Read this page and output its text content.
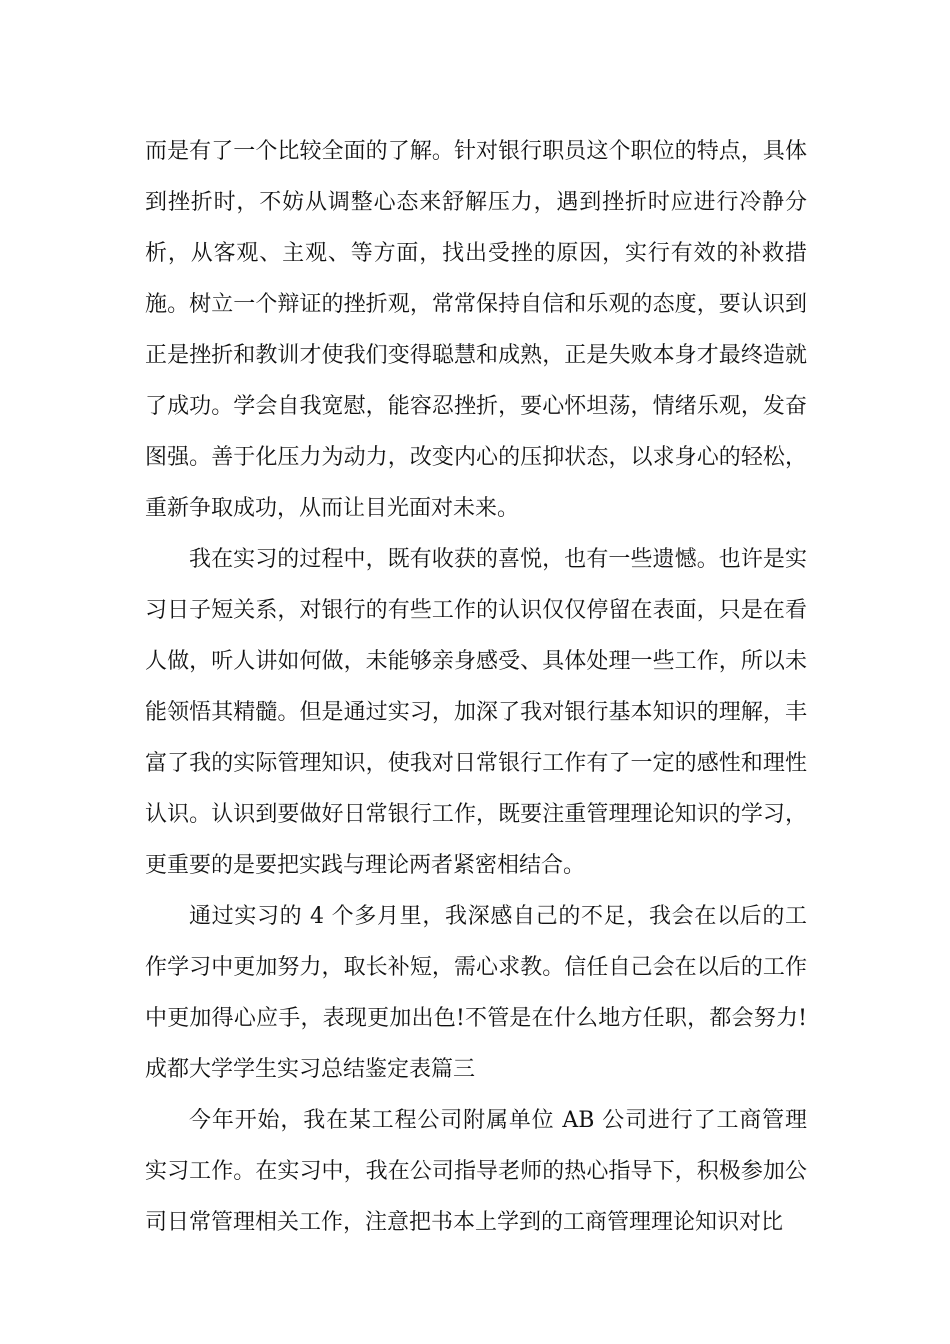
而是有了一个比较全面的了解。针对银行职员这个职位的特点，具体到挫折时，不妨从调整心态来舒解压力，遇到挫折时应进行冷静分析，从客观、主观、等方面，找出受挫的原因，实行有效的补救措施。树立一个辩证的挫折观，常常保持自信和乐观的态度，要认识到正是挫折和教训才使我们变得聪慧和成熟，正是失败本身才最终造就了成功。学会自我宽慰，能容忍挫折，要心怀坦荡，情绪乐观，发奋图强。善于化压力为动力，改变内心的压抑状态，以求身心的轻松，重新争取成功，从而让目光面对未来。

我在实习的过程中，既有收获的喜悦，也有一些遗憾。也许是实习日子短关系，对银行的有些工作的认识仅仅停留在表面，只是在看人做，听人讲如何做，未能够亲身感受、具体处理一些工作，所以未能领悟其精髓。但是通过实习，加深了我对银行基本知识的理解，丰富了我的实际管理知识，使我对日常银行工作有了一定的感性和理性认识。认识到要做好日常银行工作，既要注重管理理论知识的学习，更重要的是要把实践与理论两者紧密相结合。

通过实习的 4 个多月里，我深感自己的不足，我会在以后的工作学习中更加努力，取长补短，需心求教。信任自己会在以后的工作中更加得心应手，表现更加出色!不管是在什么地方任职，都会努力! 成都大学学生实习总结鉴定表篇三

今年开始，我在某工程公司附属单位 AB 公司进行了工商管理实习工作。在实习中，我在公司指导老师的热心指导下，积极参加公司日常管理相关工作，注意把书本上学到的工商管理理论知识对比
